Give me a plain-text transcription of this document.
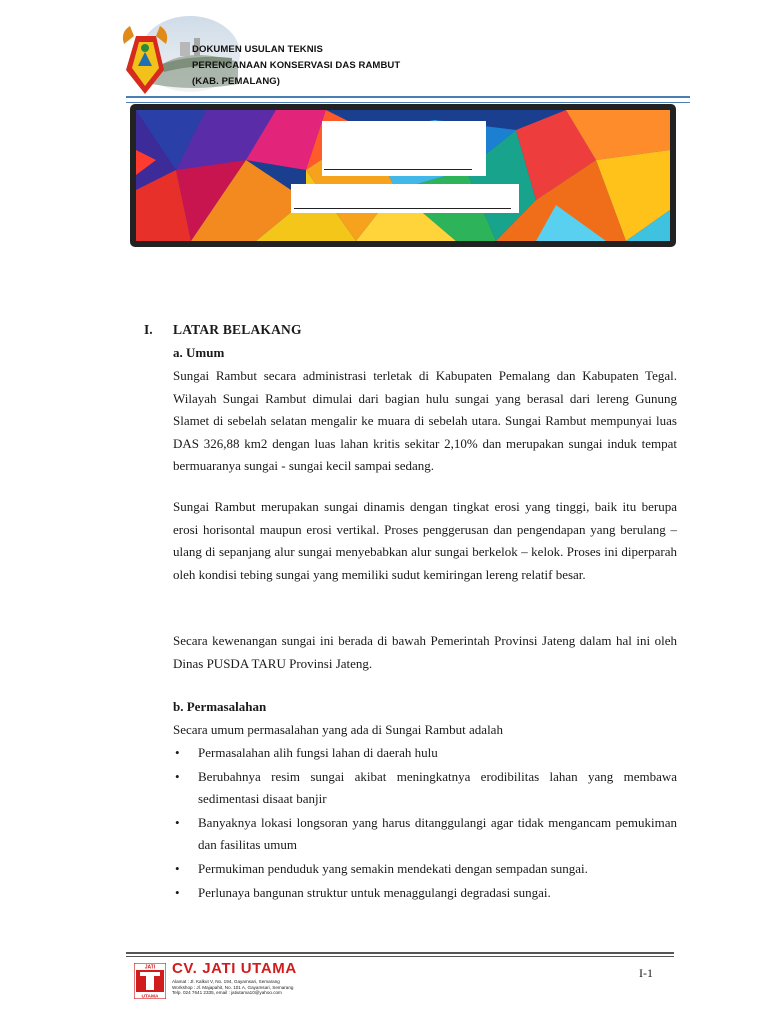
DOKUMEN USULAN TEKNIS
PERENCANAAN KONSERVASI DAS RAMBUT
(KAB. PEMALANG)
I. LATAR BELAKANG
a. Umum

Sungai Rambut secara administrasi terletak di Kabupaten Pemalang dan Kabupaten Tegal. Wilayah Sungai Rambut dimulai dari bagian hulu sungai yang berasal dari lereng Gunung Slamet di sebelah selatan mengalir ke muara di sebelah utara. Sungai Rambut mempunyai luas DAS 326,88 km2 dengan luas lahan kritis sekitar 2,10% dan merupakan sungai induk tempat bermuaranya sungai - sungai kecil sampai sedang.

Sungai Rambut merupakan sungai dinamis dengan tingkat erosi yang tinggi, baik itu berupa erosi horisontal maupun erosi vertikal. Proses penggerusan dan pengendapan yang berulang – ulang di sepanjang alur sungai menyebabkan alur sungai berkelok – kelok. Proses ini diperparah oleh kondisi tebing sungai yang memiliki sudut kemiringan lereng relatif besar.

Secara kewenangan sungai ini berada di bawah Pemerintah Provinsi Jateng dalam hal ini oleh Dinas PUSDA TARU Provinsi Jateng.

b. Permasalahan
Secara umum permasalahan yang ada di Sungai Rambut adalah
• Permasalahan alih fungsi lahan di daerah hulu
• Berubahnya resim sungai akibat meningkatnya erodibilitas lahan yang membawa sedimentasi disaat banjir
• Banyaknya lokasi longsoran yang harus ditanggulangi agar tidak mengancam pemukiman dan fasilitas umum
• Permukiman penduduk yang semakin mendekati dengan sempadan sungai.
• Perlunaya bangunan struktur untuk menaggulangi degradasi sungai.
JATI
UTAMA
CV. JATI UTAMA
Alamat : Jl. Kalkut V, No. 194, Gayamsari, Semarang
Workshop : Jl. Majapahit, No. 101 A, Gayamsari, Semarang
Telp. 024 7641 2335, email : jatiutama10@yahoo.com
I-1
